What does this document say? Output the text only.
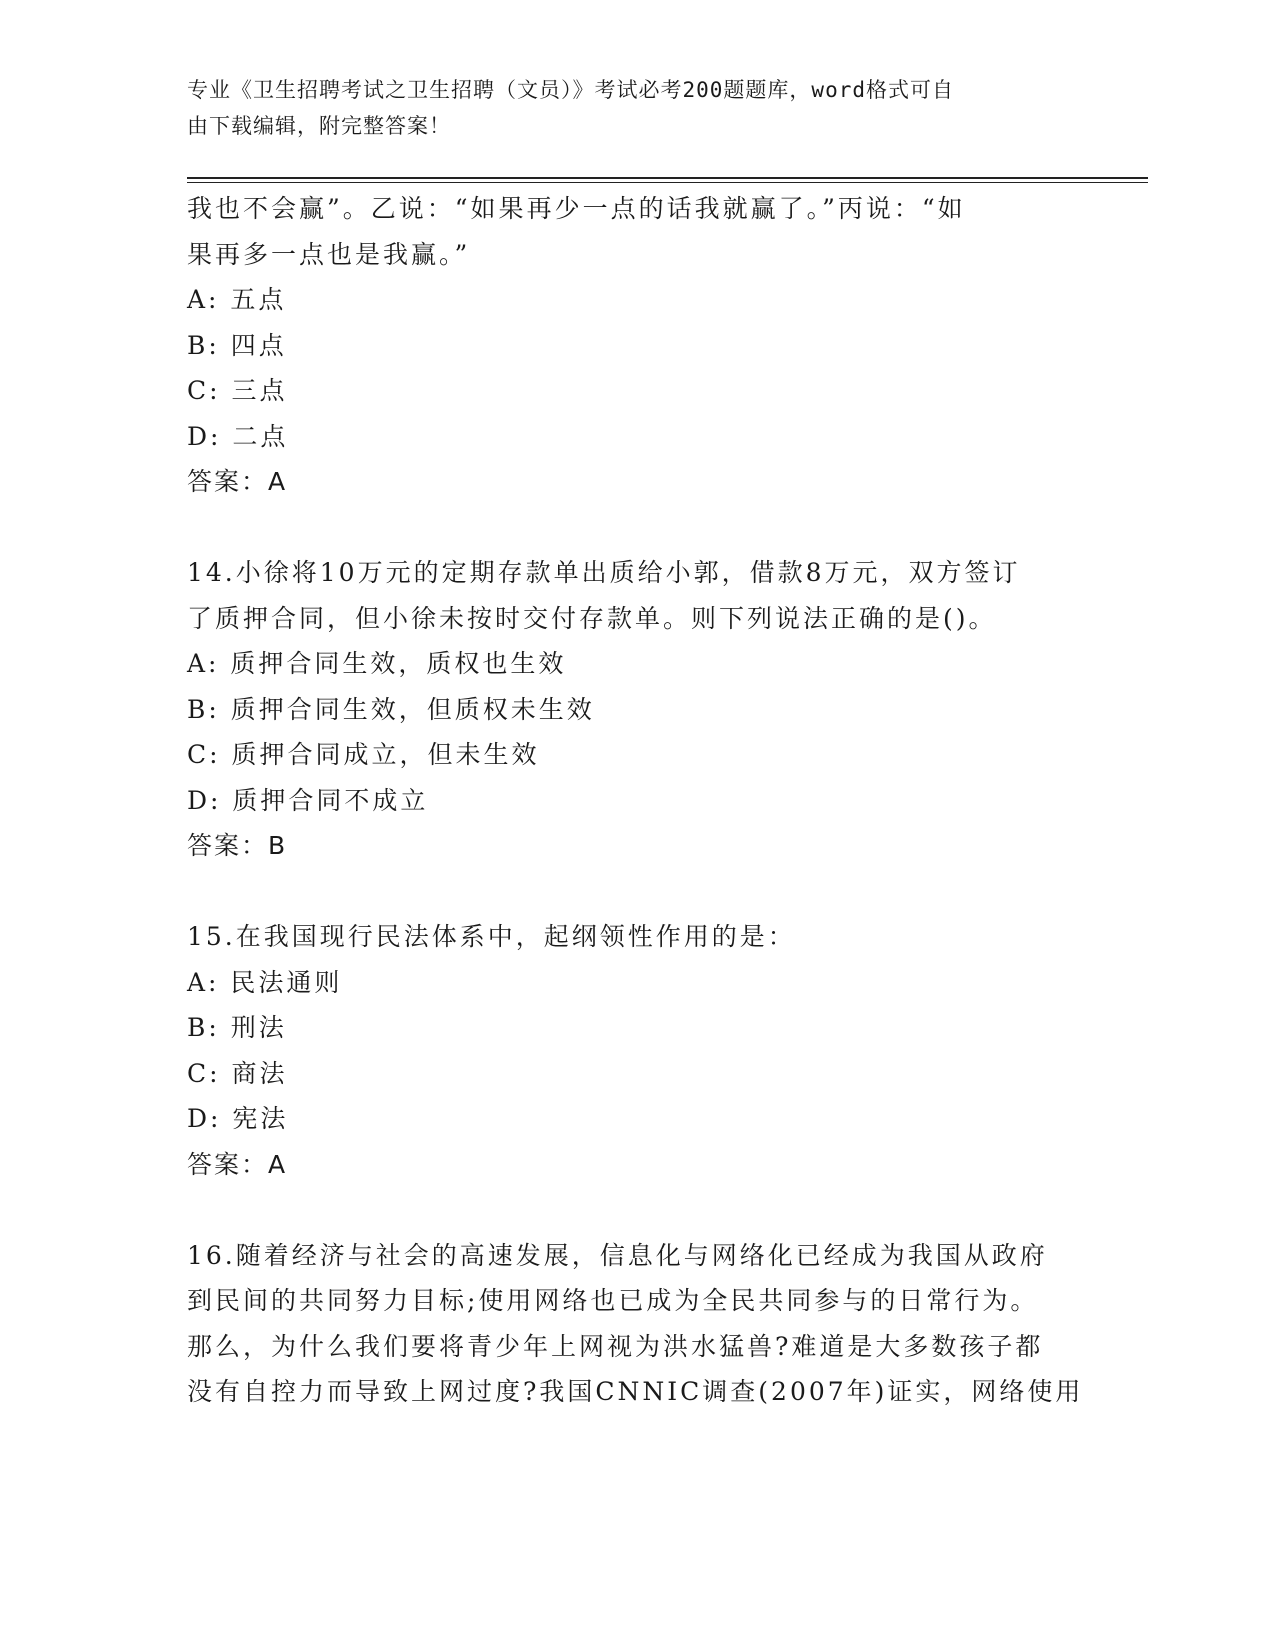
专业《卫生招聘考试之卫生招聘（文员）》考试必考200题题库，word格式可自
由下载编辑，附完整答案！
我也不会赢”。乙说：“如果再少一点的话我就赢了。”丙说：“如
果再多一点也是我赢。”
A: 五点
B: 四点
C: 三点
D: 二点
答案：A
14.小徐将10万元的定期存款单出质给小郭，借款8万元，双方签订
了质押合同，但小徐未按时交付存款单。则下列说法正确的是()。
A: 质押合同生效，质权也生效
B: 质押合同生效，但质权未生效
C: 质押合同成立，但未生效
D: 质押合同不成立
答案：B
15.在我国现行民法体系中，起纲领性作用的是：
A: 民法通则
B: 刑法
C: 商法
D: 宪法
答案：A
16.随着经济与社会的高速发展，信息化与网络化已经成为我国从政府
到民间的共同努力目标;使用网络也已成为全民共同参与的日常行为。
那么，为什么我们要将青少年上网视为洪水猛兽?难道是大多数孩子都
没有自控力而导致上网过度?我国CNNIC调查(2007年)证实，网络使用
